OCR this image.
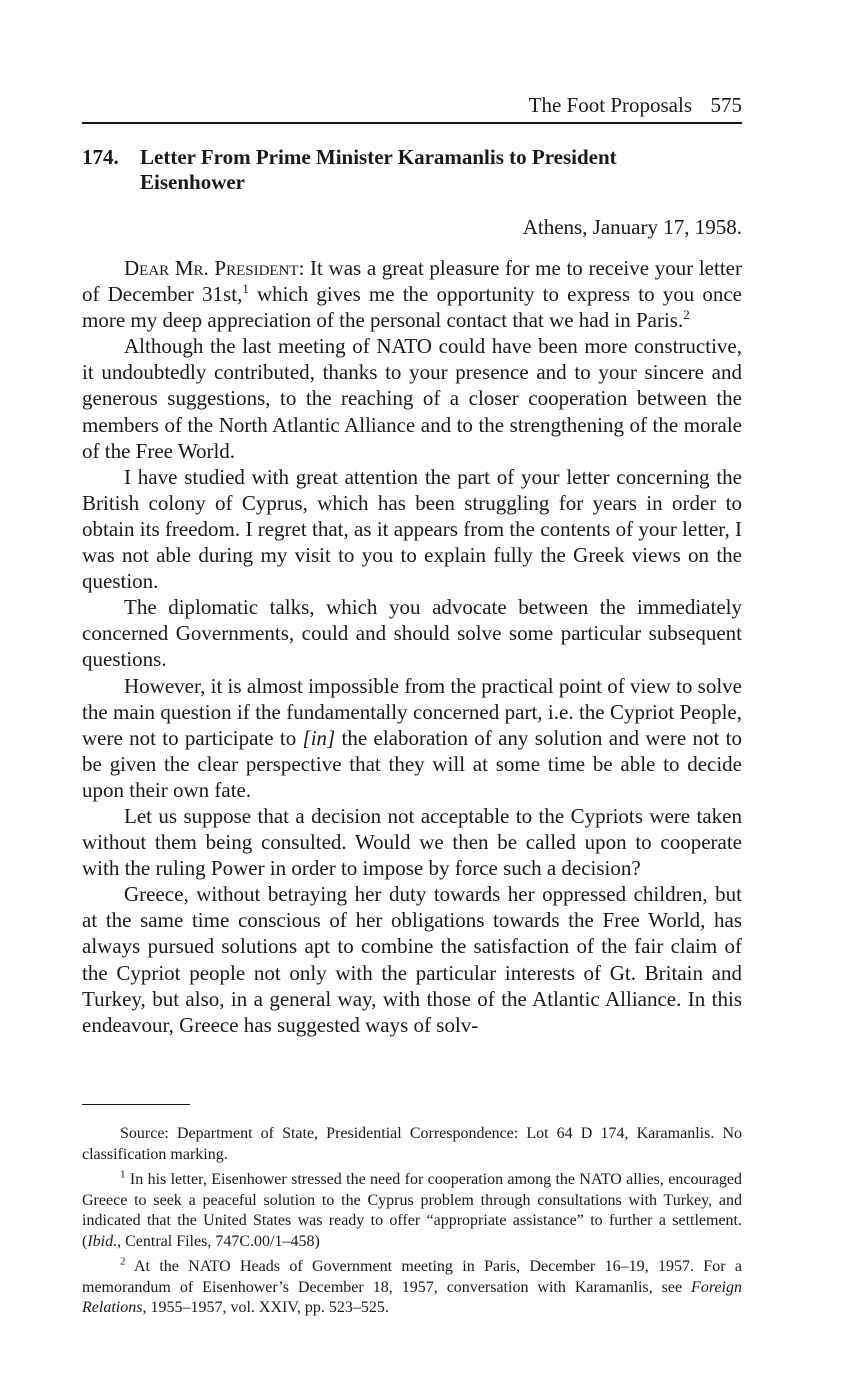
The Foot Proposals 575
174. Letter From Prime Minister Karamanlis to President Eisenhower
Athens, January 17, 1958.

Dear Mr. President: It was a great pleasure for me to receive your letter of December 31st,$^1$ which gives me the opportunity to express to you once more my deep appreciation of the personal contact that we had in Paris.$^2$

Although the last meeting of NATO could have been more constructive, it undoubtedly contributed, thanks to your presence and to your sincere and generous suggestions, to the reaching of a closer cooperation between the members of the North Atlantic Alliance and to the strengthening of the morale of the Free World.

I have studied with great attention the part of your letter concerning the British colony of Cyprus, which has been struggling for years in order to obtain its freedom. I regret that, as it appears from the contents of your letter, I was not able during my visit to you to explain fully the Greek views on the question.

The diplomatic talks, which you advocate between the immediately concerned Governments, could and should solve some particular subsequent questions.

However, it is almost impossible from the practical point of view to solve the main question if the fundamentally concerned part, i.e. the Cypriot People, were not to participate to [in] the elaboration of any solution and were not to be given the clear perspective that they will at some time be able to decide upon their own fate.

Let us suppose that a decision not acceptable to the Cypriots were taken without them being consulted. Would we then be called upon to cooperate with the ruling Power in order to impose by force such a decision?

Greece, without betraying her duty towards her oppressed children, but at the same time conscious of her obligations towards the Free World, has always pursued solutions apt to combine the satisfaction of the fair claim of the Cypriot people not only with the particular interests of Gt. Britain and Turkey, but also, in a general way, with those of the Atlantic Alliance. In this endeavour, Greece has suggested ways of solv-

Source: Department of State, Presidential Correspondence: Lot 64 D 174, Karamanlis. No classification marking.

$^1$ In his letter, Eisenhower stressed the need for cooperation among the NATO allies, encouraged Greece to seek a peaceful solution to the Cyprus problem through consultations with Turkey, and indicated that the United States was ready to offer “appropriate assistance” to further a settlement. (Ibid., Central Files, 747C.00/1–458)

$^2$ At the NATO Heads of Government meeting in Paris, December 16–19, 1957. For a memorandum of Eisenhower’s December 18, 1957, conversation with Karamanlis, see Foreign Relations, 1955–1957, vol. XXIV, pp. 523–525.
